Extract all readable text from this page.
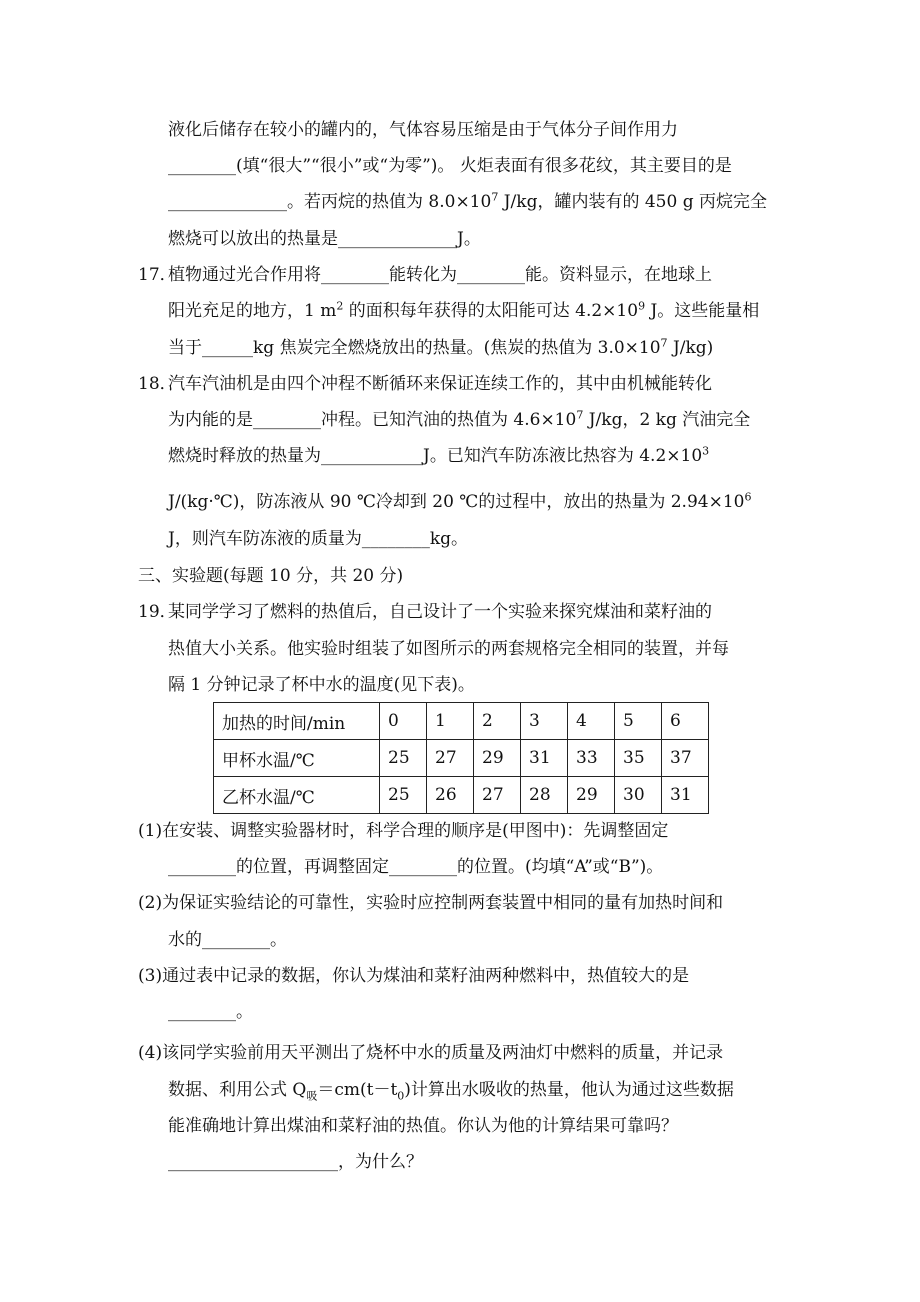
液化后储存在较小的罐内的，气体容易压缩是由于气体分子间作用力
________(填“很大”“很小”或“为零”)。 火炬表面有很多花纹，其主要目的是
______________。若丙烷的热值为 $8.0\times 10^7$ J/kg，罐内装有的 450 g 丙烷完全
燃烧可以放出的热量是______________J。
17．
植物通过光合作用将________能转化为________能。资料显示，在地球上
阳光充足的地方，1 $m^2$ 的面积每年获得的太阳能可达 $4.2\times 10^9$ J。这些能量相
当于______kg 焦炭完全燃烧放出的热量。(焦炭的热值为 $3.0\times 10^7$ J/kg)
18．
汽车汽油机是由四个冲程不断循环来保证连续工作的，其中由机械能转化
为内能的是________冲程。已知汽油的热值为 $4.6\times 10^7$ J/kg，2 kg 汽油完全
燃烧时释放的热量为____________J。已知汽车防冻液比热容为 $4.2\times 10^3$
J/(kg·℃)，防冻液从 90 ℃冷却到 20 ℃的过程中，放出的热量为 $2.94\times 10^6$
J，则汽车防冻液的质量为________kg。
三、实验题(每题 10 分，共 20 分)
19．
某同学学习了燃料的热值后，自己设计了一个实验来探究煤油和菜籽油的
热值大小关系。他实验时组装了如图所示的两套规格完全相同的装置，并每
隔 1 分钟记录了杯中水的温度(见下表)。
加热的时间/min	0	1	2	3	4	5	6
甲杯水温/℃	25	27	29	31	33	35	37
乙杯水温/℃	25	26	27	28	29	30	31
(1)在安装、调整实验器材时，科学合理的顺序是(甲图中)：先调整固定
________的位置，再调整固定________的位置。(均填“A”或“B”)。
(2)为保证实验结论的可靠性，实验时应控制两套装置中相同的量有加热时间和
水的________。
(3)通过表中记录的数据，你认为煤油和菜籽油两种燃料中，热值较大的是
________。
(4)该同学实验前用天平测出了烧杯中水的质量及两油灯中燃料的质量，并记录
数据、利用公式 $Q_吸=cm(t-t_0)$计算出水吸收的热量，他认为通过这些数据
能准确地计算出煤油和菜籽油的热值。你认为他的计算结果可靠吗？
____________________，为什么？
